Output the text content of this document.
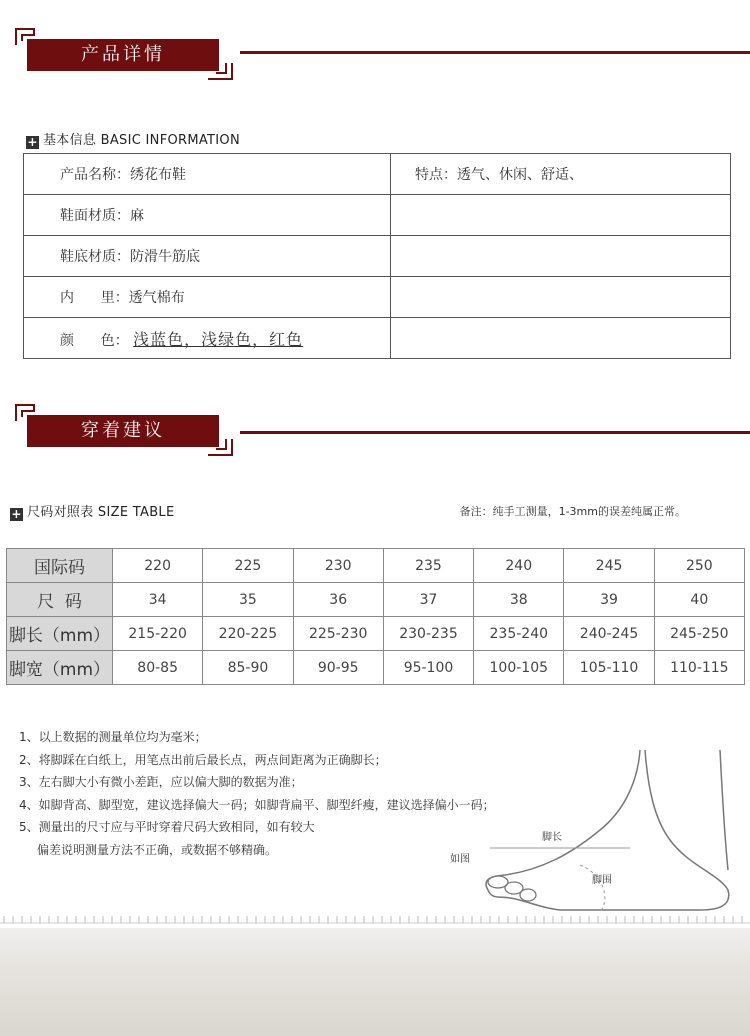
产品详情
+ 基本信息 BASIC INFORMATION
产品名称：绣花布鞋	特点：透气、休闲、舒适、
鞋面材质：麻	
鞋底材质：防滑牛筋底	
内      里：透气棉布	
颜      色： 浅蓝色，浅绿色，红色	
穿着建议
+ 尺码对照表 SIZE TABLE	备注：纯手工测量，1-3mm的误差纯属正常。
国际码	220	225	230	235	240	245	250
尺  码	34	35	36	37	38	39	40
脚长（mm）	215-220	220-225	225-230	230-235	235-240	240-245	245-250
脚宽（mm）	80-85	85-90	90-95	95-100	100-105	105-110	110-115
1、以上数据的测量单位均为毫米；
2、将脚踩在白纸上，用笔点出前后最长点，两点间距离为正确脚长；
3、左右脚大小有微小差距，应以偏大脚的数据为准；
4、如脚背高、脚型宽，建议选择偏大一码；如脚背扁平、脚型纤瘦，建议选择偏小一码；
5、测量出的尺寸应与平时穿着尺码大致相同，如有较大
偏差说明测量方法不正确，或数据不够精确。
脚长
如图
脚围
